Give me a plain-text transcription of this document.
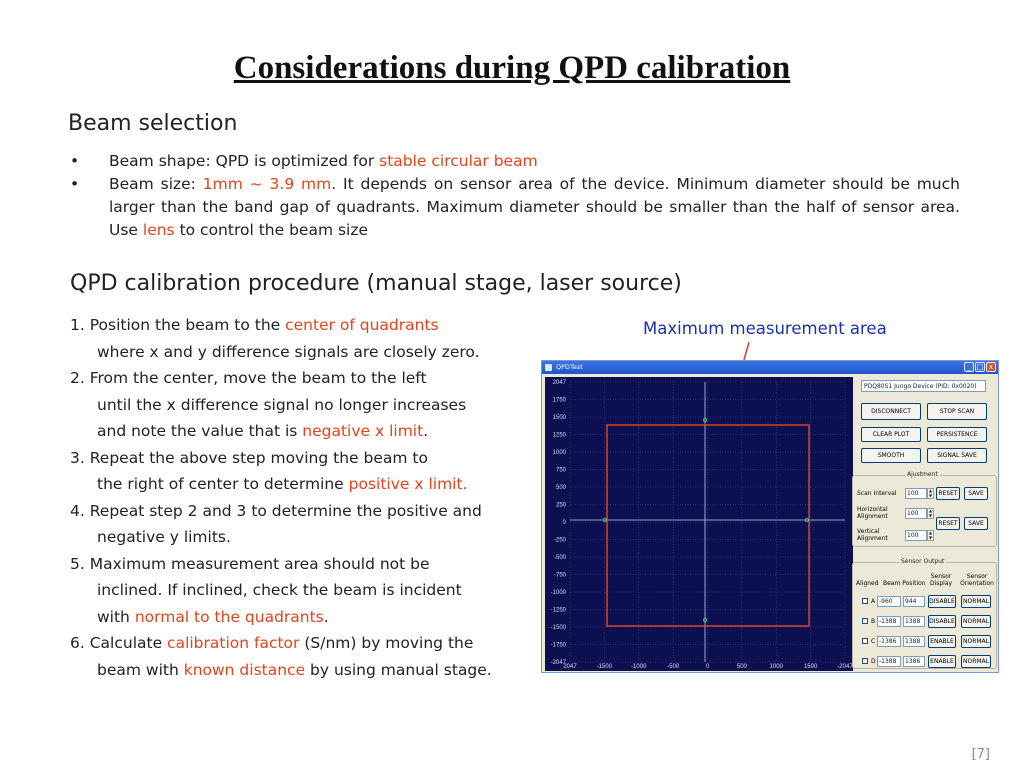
Considerations during QPD calibration
Beam selection
• Beam shape: QPD is optimized for stable circular beam
• Beam size: 1mm ~ 3.9 mm. It depends on sensor area of the device. Minimum diameter should be much larger than the band gap of quadrants. Maximum diameter should be smaller than the half of sensor area. Use lens to control the beam size
QPD calibration procedure (manual stage, laser source)
1. Position the beam to the center of quadrants
where x and y difference signals are closely zero.
2. From the center, move the beam to the left
until the x difference signal no longer increases
and note the value that is negative x limit.
3. Repeat the above step moving the beam to
the right of center to determine positive x limit.
4. Repeat step 2 and 3 to determine the positive and
negative y limits.
5. Maximum measurement area should not be
inclined. If inclined, check the beam is incident
with normal to the quadrants.
6. Calculate calibration factor (S/nm) by moving the
beam with known distance by using manual stage.
Maximum measurement area
QPDTest	_ □ x
2047
1750
1500
1250
1000
750
500
250
0
-250
-500
-750
-1000
-1250
-1500
-1750
-2047
2047	-1500	-1000	-500	0	500	1000	1500	-2047
PDQ80S1 Jungo Device (PID: 0x0020)
DISCONNECT	STOP SCAN
CLEAR PLOT	PERSISTENCE
SMOOTH	SIGNAL SAVE
Ajustment
Scan Interval	100	▲
▼	RESET	SAVE
Horizontal Alignment	100	▲
▼
RESET	SAVE
Vertical Alignment	100	▲
▼
Sensor Output
Aligned Beam Position
Sensor Display
Sensor Orientation
A -960	944	DISABLE	NORMAL
B -1388	1388	DISABLE	NORMAL
C -1386	1388	ENABLE	NORMAL
D -1388	1386	ENABLE	NORMAL
[7]
